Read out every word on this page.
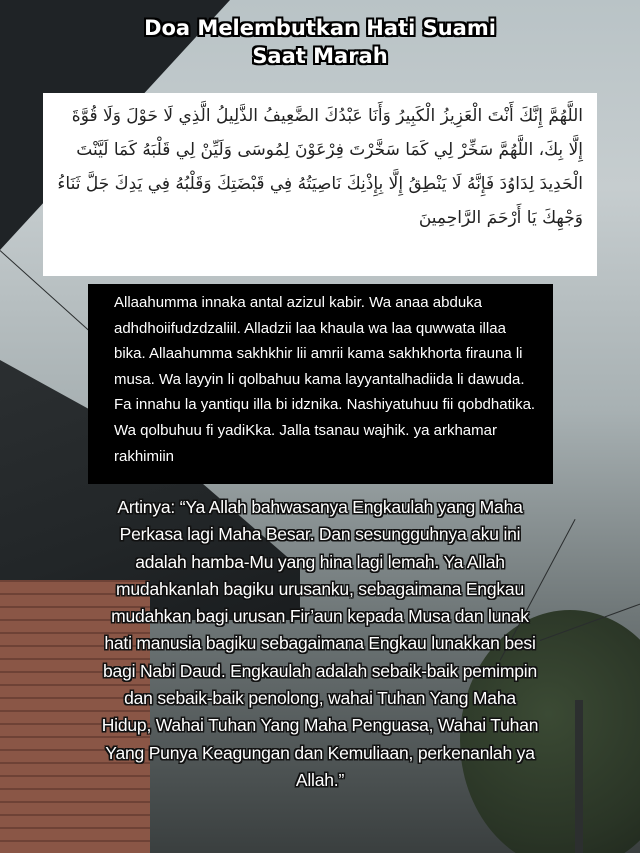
Doa Melembutkan Hati Suami
Saat Marah

اللَّهُمَّ إِنَّكَ أَنْتَ الْعَزِيزُ الْكَبِيرُ وَأَنَا عَبْدُكَ الضَّعِيفُ الذَّلِيلُ الَّذِي لَا حَوْلَ وَلَا قُوَّةَ إِلَّا بِكَ، اللَّهُمَّ سَخِّرْ لِي كَمَا سَخَّرْتَ فِرْعَوْنَ لِمُوسَى وَلَيِّنْ لِي قَلْبَهُ كَمَا لَيَّنْتَ الْحَدِيدَ لِدَاوُدَ فَإِنَّهُ لَا يَنْطِقُ إِلَّا بِإِذْنِكَ نَاصِيَتُهُ فِي قَبْضَتِكَ وَقَلْبُهُ فِي يَدِكَ جَلَّ ثَنَاءُ وَجْهِكَ يَا أَرْحَمَ الرَّاحِمِينَ

Allaahumma innaka antal azizul kabir. Wa anaa abduka adhdhoiifudzdzaliil. Alladzii laa khaula wa laa quwwata illaa bika. Allaahumma sakhkhir lii amrii kama sakhkhorta firauna li musa. Wa layyin li qolbahuu kama layyantalhadiida li dawuda. Fa innahu la yantiqu illa bi idznika. Nashiyatuhuu fii qobdhatika. Wa qolbuhuu fi yadiKka. Jalla tsanau wajhik. ya arkhamar rakhimiin

Artinya: “Ya Allah bahwasanya Engkaulah yang Maha Perkasa lagi Maha Besar. Dan sesungguhnya aku ini adalah hamba-Mu yang hina lagi lemah. Ya Allah mudahkanlah bagiku urusanku, sebagaimana Engkau mudahkan bagi urusan Fir’aun kepada Musa dan lunak hati manusia bagiku sebagaimana Engkau lunakkan besi bagi Nabi Daud. Engkaulah adalah sebaik-baik pemimpin dan sebaik-baik penolong, wahai Tuhan Yang Maha Hidup, Wahai Tuhan Yang Maha Penguasa, Wahai Tuhan Yang Punya Keagungan dan Kemuliaan, perkenanlah ya Allah.”
